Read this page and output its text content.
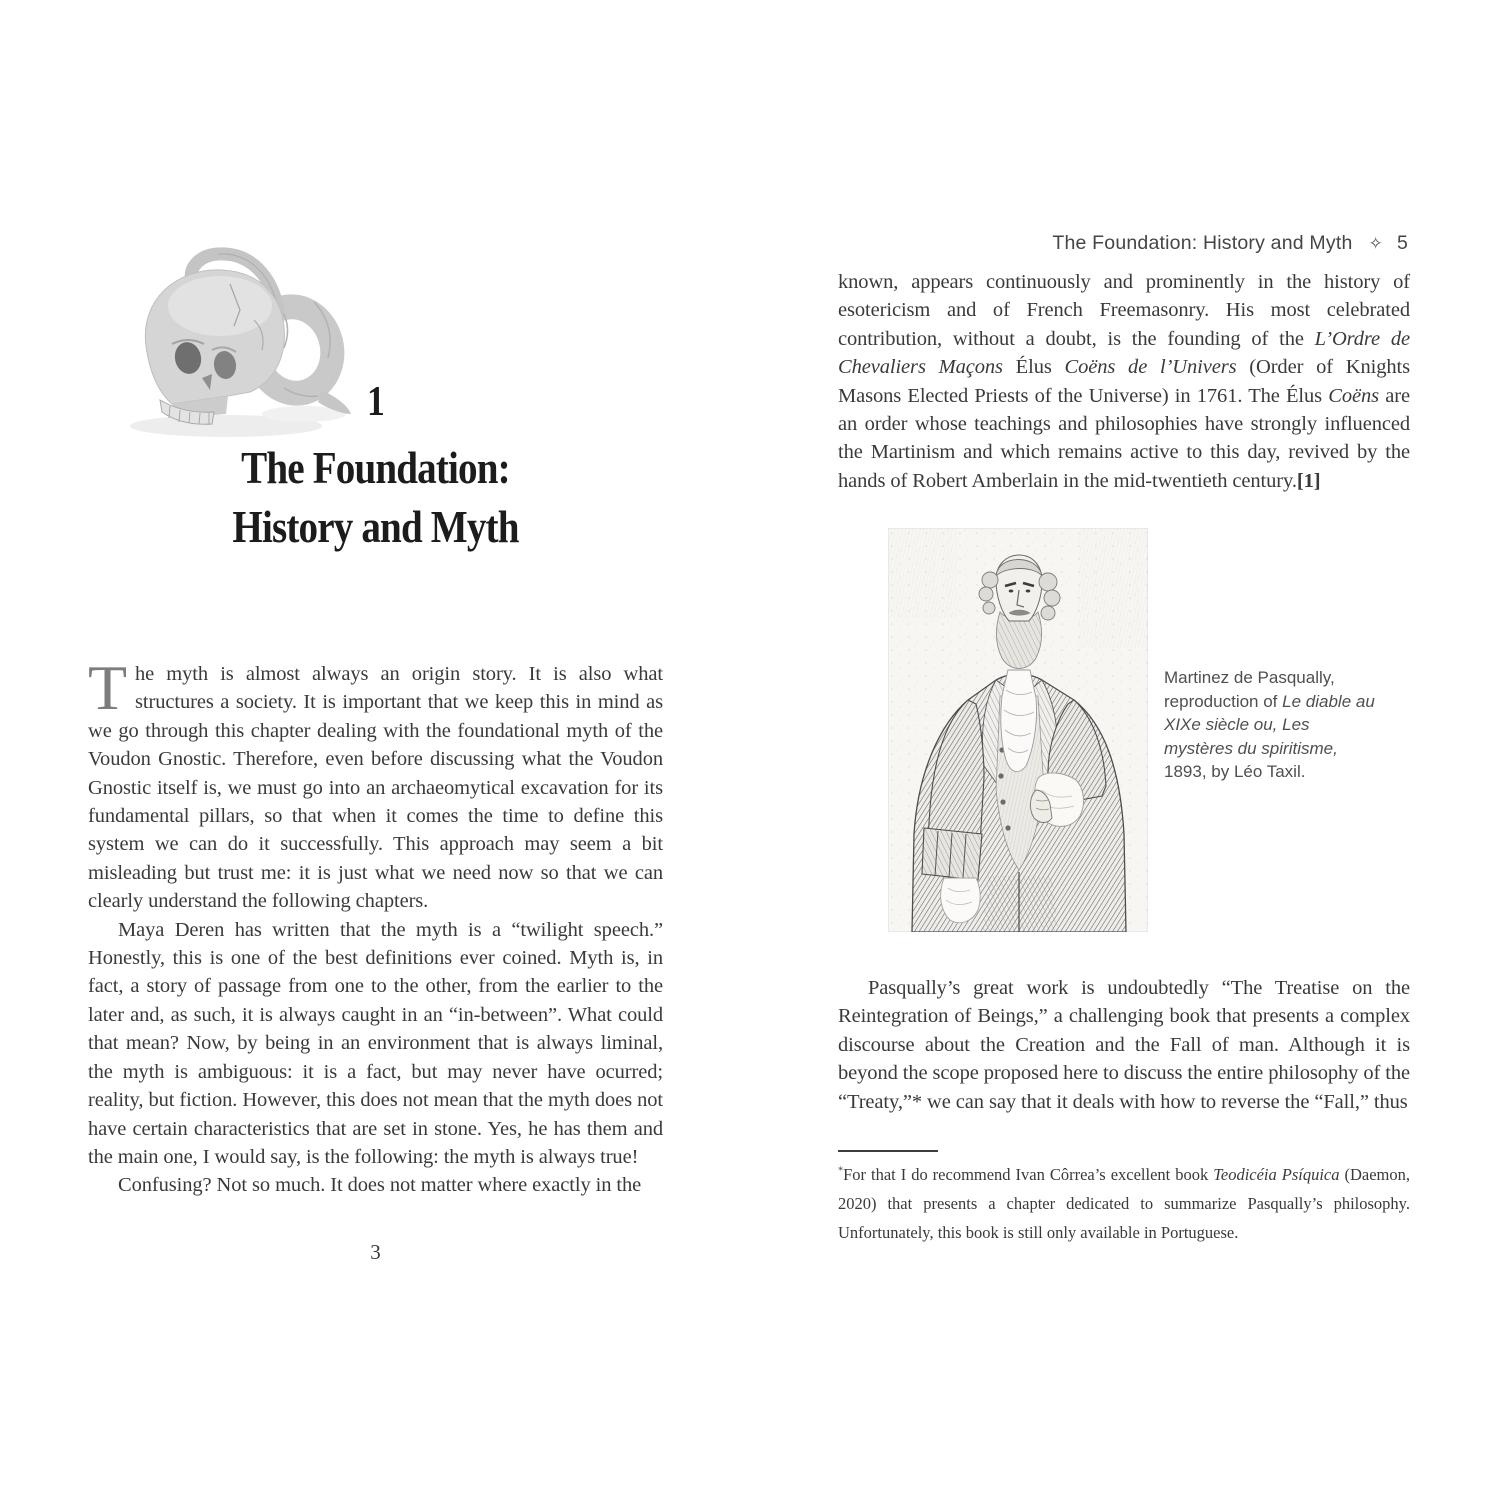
1
The Foundation:
History and Myth

The myth is almost always an origin story. It is also what structures a society. It is important that we keep this in mind as we go through this chapter dealing with the foundational myth of the Voudon Gnostic. Therefore, even before discussing what the Voudon Gnostic itself is, we must go into an archaeomytical excavation for its fundamental pillars, so that when it comes the time to define this system we can do it successfully. This approach may seem a bit misleading but trust me: it is just what we need now so that we can clearly understand the following chapters.

Maya Deren has written that the myth is a “twilight speech.” Honestly, this is one of the best definitions ever coined. Myth is, in fact, a story of passage from one to the other, from the earlier to the later and, as such, it is always caught in an “in-between”. What could that mean? Now, by being in an environment that is always liminal, the myth is ambiguous: it is a fact, but may never have ocurred; reality, but fiction. However, this does not mean that the myth does not have certain characteristics that are set in stone. Yes, he has them and the main one, I would say, is the following: the myth is always true!

Confusing? Not so much. It does not matter where exactly in the

3
The Foundation: History and Myth ✧ 5

known, appears continuously and prominently in the history of esotericism and of French Freemasonry. His most celebrated contribution, without a doubt, is the founding of the L’Ordre de Chevaliers Maçons Élus Coëns de l’Univers (Order of Knights Masons Elected Priests of the Universe) in 1761. The Élus Coëns are an order whose teachings and philosophies have strongly influenced the Martinism and which remains active to this day, revived by the hands of Robert Amberlain in the mid-twentieth century.[1]

Martinez de Pasqually, reproduction of Le diable au XIXe siècle ou, Les mystères du spiritisme, 1893, by Léo Taxil.

Pasqually’s great work is undoubtedly “The Treatise on the Reintegration of Beings,” a challenging book that presents a complex discourse about the Creation and the Fall of man. Although it is beyond the scope proposed here to discuss the entire philosophy of the “Treaty,”* we can say that it deals with how to reverse the “Fall,” thus

*For that I do recommend Ivan Côrrea’s excellent book Teodicéia Psíquica (Daemon, 2020) that presents a chapter dedicated to summarize Pasqually’s philosophy. Unfortunately, this book is still only available in Portuguese.
